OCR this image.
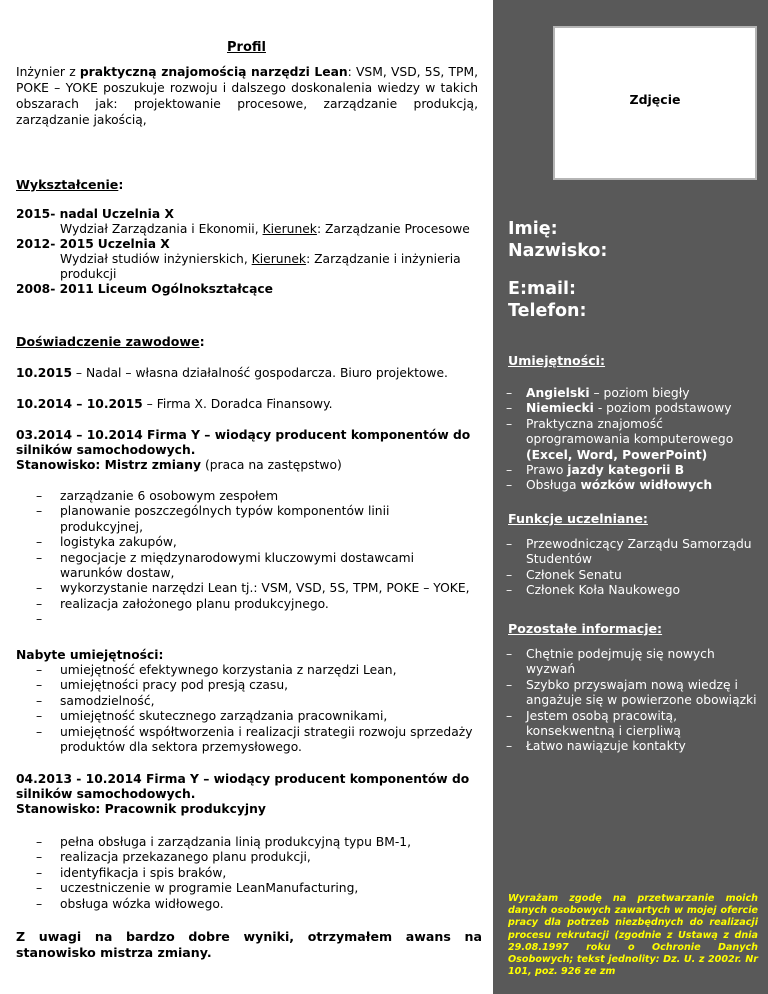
Profil
Inżynier z praktyczną znajomością narzędzi Lean: VSM, VSD, 5S, TPM, POKE – YOKE poszukuje rozwoju i dalszego doskonalenia wiedzy w takich obszarach jak: projektowanie procesowe, zarządzanie produkcją, zarządzanie jakością,
Wykształcenie:
2015- nadal Uczelnia X
Wydział Zarządzania i Ekonomii, Kierunek: Zarządzanie Procesowe
2012- 2015 Uczelnia X
Wydział studiów inżynierskich, Kierunek: Zarządzanie i inżynieria produkcji
2008- 2011 Liceum Ogólnokształcące
Doświadczenie zawodowe:
10.2015 – Nadal – własna działalność gospodarcza. Biuro projektowe.
10.2014 – 10.2015 – Firma X. Doradca Finansowy.
03.2014 – 10.2014 Firma Y – wiodący producent komponentów do silników samochodowych.
Stanowisko: Mistrz zmiany (praca na zastępstwo)
– zarządzanie 6 osobowym zespołem
– planowanie poszczególnych typów komponentów linii produkcyjnej,
– logistyka zakupów,
– negocjacje z międzynarodowymi kluczowymi dostawcami warunków dostaw,
– wykorzystanie narzędzi Lean tj.: VSM, VSD, 5S, TPM, POKE – YOKE,
– realizacja założonego planu produkcyjnego.
–
Nabyte umiejętności:
– umiejętność efektywnego korzystania z narzędzi Lean,
– umiejętności pracy pod presją czasu,
– samodzielność,
– umiejętność skutecznego zarządzania pracownikami,
– umiejętność współtworzenia i realizacji strategii rozwoju sprzedaży produktów dla sektora przemysłowego.
04.2013 - 10.2014 Firma Y – wiodący producent komponentów do silników samochodowych.
Stanowisko: Pracownik produkcyjny
– pełna obsługa i zarządzania linią produkcyjną typu BM-1,
– realizacja przekazanego planu produkcji,
– identyfikacja i spis braków,
– uczestniczenie w programie LeanManufacturing,
– obsługa wózka widłowego.
Z uwagi na bardzo dobre wyniki, otrzymałem awans na stanowisko mistrza zmiany.
Zdjęcie
Imię:
Nazwisko:
E:mail:
Telefon:
Umiejętności:
– Angielski – poziom biegły
– Niemiecki - poziom podstawowy
– Praktyczna znajomość oprogramowania komputerowego
(Excel, Word, PowerPoint)
– Prawo jazdy kategorii B
– Obsługa wózków widłowych
Funkcje uczelniane:
– Przewodniczący Zarządu Samorządu Studentów
– Członek Senatu
– Członek Koła Naukowego
Pozostałe informacje:
– Chętnie podejmuję się nowych wyzwań
– Szybko przyswajam nową wiedzę i angażuje się w powierzone obowiązki
– Jestem osobą pracowitą, konsekwentną i cierpliwą
– Łatwo nawiązuje kontakty
Wyrażam zgodę na przetwarzanie moich danych osobowych zawartych w mojej ofercie pracy dla potrzeb niezbędnych do realizacji procesu rekrutacji (zgodnie z Ustawą z dnia 29.08.1997 roku o Ochronie Danych Osobowych; tekst jednolity: Dz. U. z 2002r. Nr 101, poz. 926 ze zm
